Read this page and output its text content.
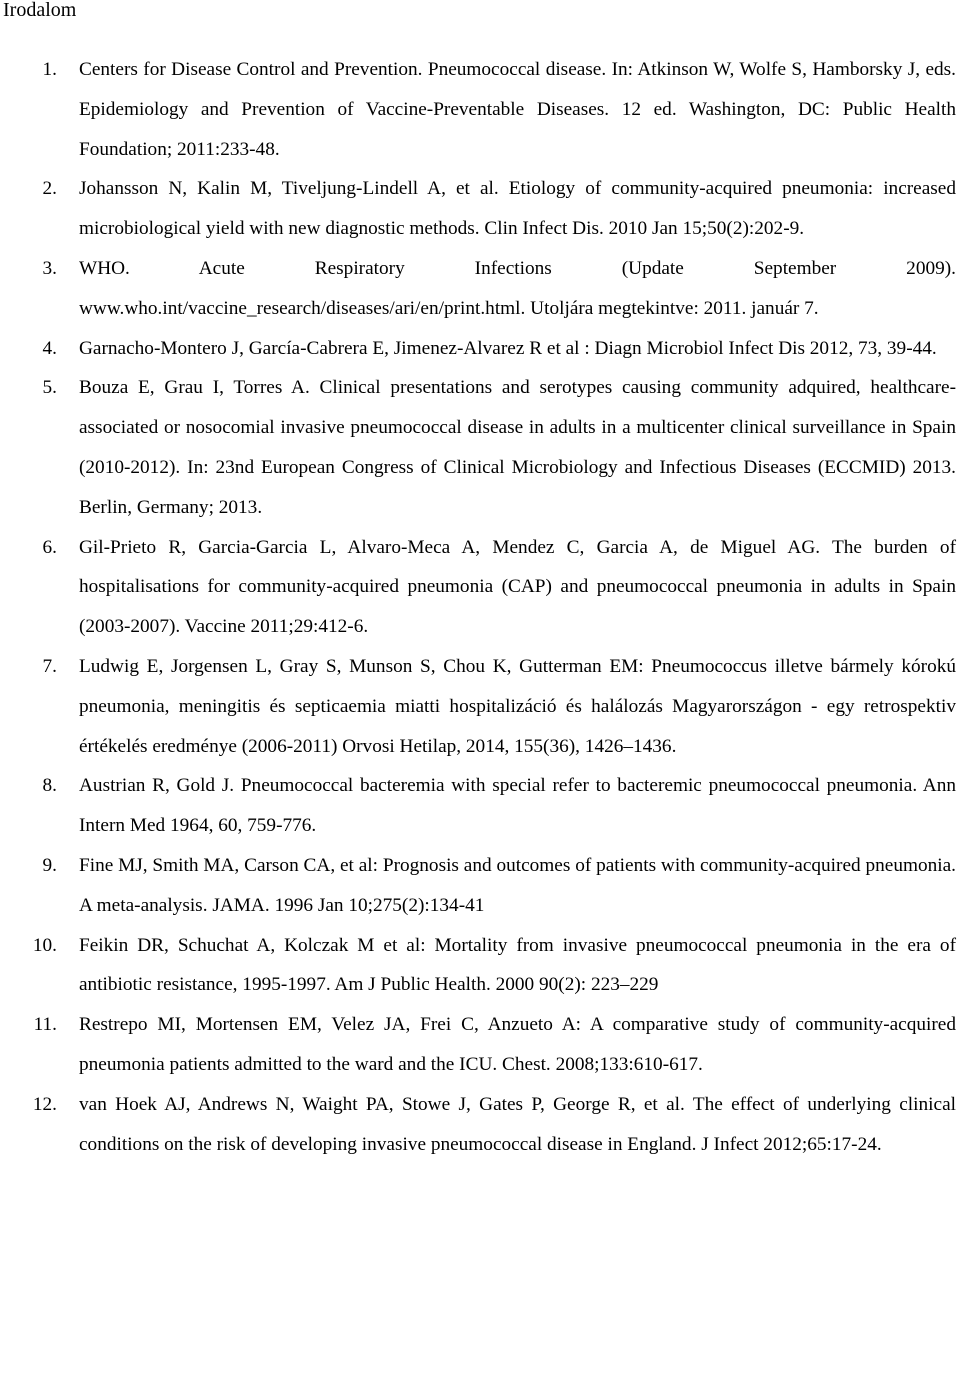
Irodalom
1. Centers for Disease Control and Prevention. Pneumococcal disease. In: Atkinson W, Wolfe S, Hamborsky J, eds. Epidemiology and Prevention of Vaccine-Preventable Diseases. 12 ed. Washington, DC: Public Health Foundation; 2011:233-48.
2. Johansson N, Kalin M, Tiveljung-Lindell A, et al. Etiology of community-acquired pneumonia: increased microbiological yield with new diagnostic methods. Clin Infect Dis. 2010 Jan 15;50(2):202-9.
3. WHO. Acute Respiratory Infections (Update September 2009). www.who.int/vaccine_research/diseases/ari/en/print.html. Utoljára megtekintve: 2011. január 7.
4. Garnacho-Montero J, García-Cabrera E, Jimenez-Alvarez R et al : Diagn Microbiol Infect Dis 2012, 73, 39-44.
5. Bouza E, Grau I, Torres A. Clinical presentations and serotypes causing community adquired, healthcare-associated or nosocomial invasive pneumococcal disease in adults in a multicenter clinical surveillance in Spain (2010-2012). In: 23nd European Congress of Clinical Microbiology and Infectious Diseases (ECCMID) 2013. Berlin, Germany; 2013.
6. Gil-Prieto R, Garcia-Garcia L, Alvaro-Meca A, Mendez C, Garcia A, de Miguel AG. The burden of hospitalisations for community-acquired pneumonia (CAP) and pneumococcal pneumonia in adults in Spain (2003-2007). Vaccine 2011;29:412-6.
7. Ludwig E, Jorgensen L, Gray S, Munson S, Chou K, Gutterman EM: Pneumococcus illetve bármely kórokú pneumonia, meningitis és septicaemia miatti hospitalizáció és halálozás Magyarországon - egy retrospektiv értékelés eredménye (2006-2011) Orvosi Hetilap, 2014, 155(36), 1426–1436.
8. Austrian R, Gold J. Pneumococcal bacteremia with special refer to bacteremic pneumococcal pneumonia. Ann Intern Med 1964, 60, 759-776.
9. Fine MJ, Smith MA, Carson CA, et al: Prognosis and outcomes of patients with community-acquired pneumonia. A meta-analysis. JAMA. 1996 Jan 10;275(2):134-41
10. Feikin DR, Schuchat A, Kolczak M et al: Mortality from invasive pneumococcal pneumonia in the era of antibiotic resistance, 1995-1997. Am J Public Health. 2000 90(2): 223–229
11. Restrepo MI, Mortensen EM, Velez JA, Frei C, Anzueto A: A comparative study of community-acquired pneumonia patients admitted to the ward and the ICU. Chest. 2008;133:610-617.
12. van Hoek AJ, Andrews N, Waight PA, Stowe J, Gates P, George R, et al. The effect of underlying clinical conditions on the risk of developing invasive pneumococcal disease in England. J Infect 2012;65:17-24.
